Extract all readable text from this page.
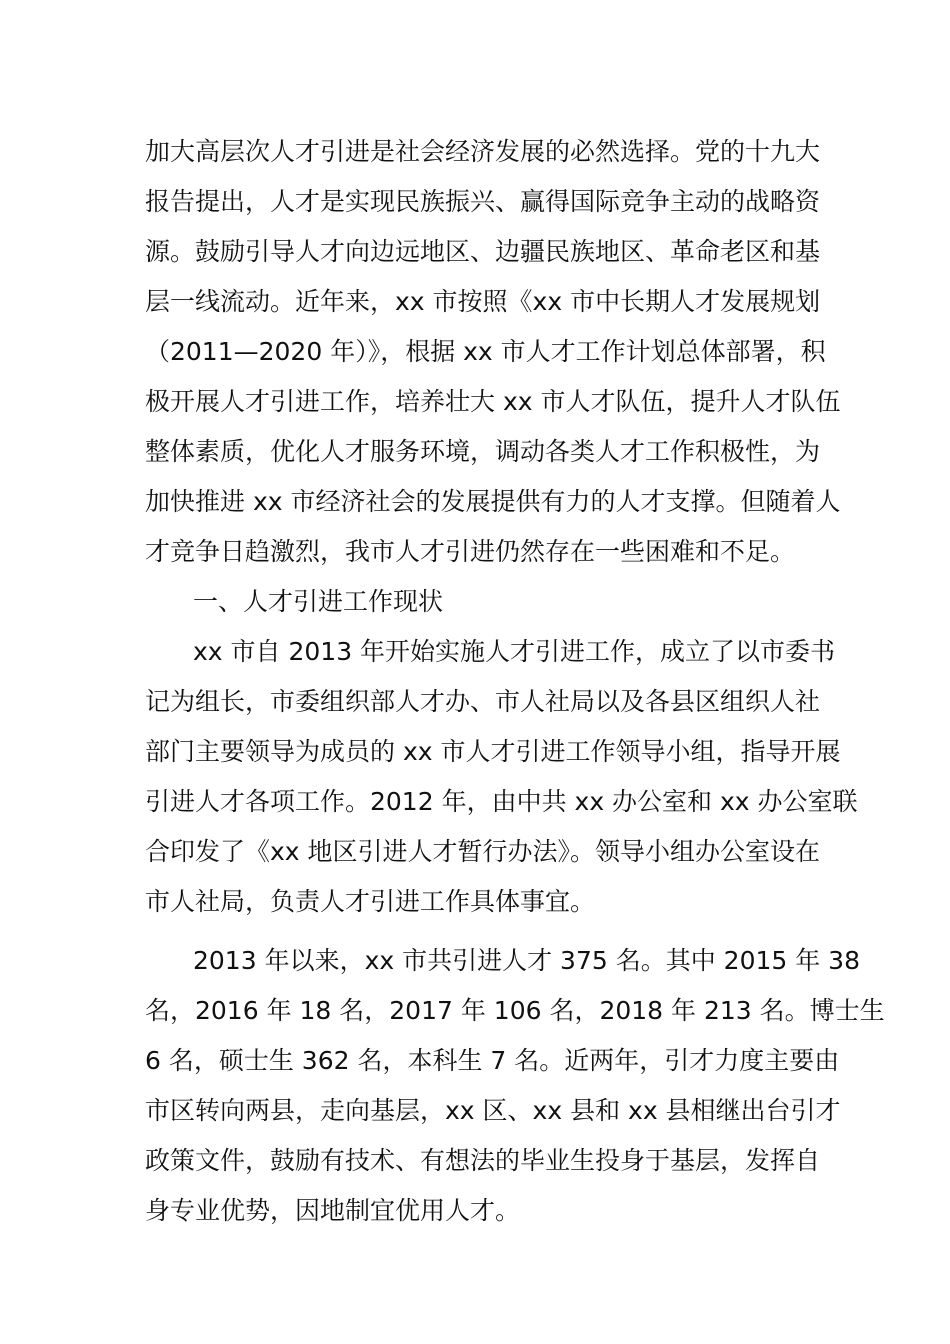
加大高层次人才引进是社会经济发展的必然选择。党的十九大
报告提出，人才是实现民族振兴、赢得国际竞争主动的战略资
源。鼓励引导人才向边远地区、边疆民族地区、革命老区和基
层一线流动。近年来，xx 市按照《xx 市中长期人才发展规划
（2011—2020 年）》，根据 xx 市人才工作计划总体部署，积
极开展人才引进工作，培养壮大 xx 市人才队伍，提升人才队伍
整体素质，优化人才服务环境，调动各类人才工作积极性，为
加快推进 xx 市经济社会的发展提供有力的人才支撑。但随着人
才竞争日趋激烈，我市人才引进仍然存在一些困难和不足。
一、人才引进工作现状
xx 市自 2013 年开始实施人才引进工作，成立了以市委书
记为组长，市委组织部人才办、市人社局以及各县区组织人社
部门主要领导为成员的 xx 市人才引进工作领导小组，指导开展
引进人才各项工作。2012 年，由中共 xx 办公室和 xx 办公室联
合印发了《xx 地区引进人才暂行办法》。领导小组办公室设在
市人社局，负责人才引进工作具体事宜。
2013 年以来，xx 市共引进人才 375 名。其中 2015 年 38
名，2016 年 18 名，2017 年 106 名，2018 年 213 名。博士生
6 名，硕士生 362 名，本科生 7 名。近两年，引才力度主要由
市区转向两县，走向基层，xx 区、xx 县和 xx 县相继出台引才
政策文件，鼓励有技术、有想法的毕业生投身于基层，发挥自
身专业优势，因地制宜优用人才。
